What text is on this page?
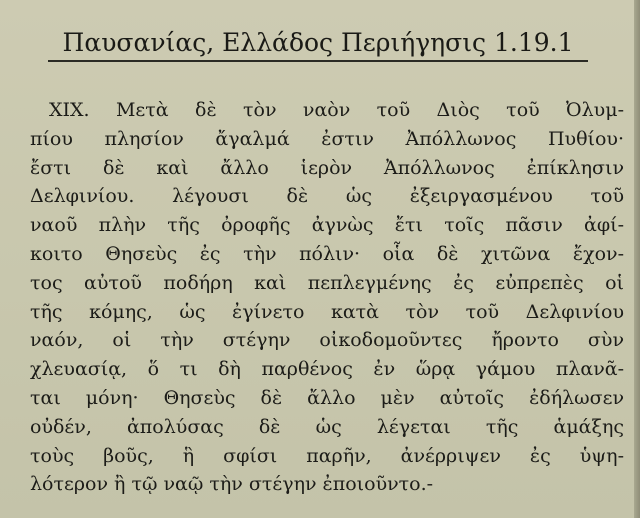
Παυσανίας, Ελλάδος Περιήγησις 1.19.1
XIX. Μετὰ δὲ τὸν ναὸν τοῦ Διὸς τοῦ Ὀλυμ-
πίου πλησίον ἄγαλμά ἐστιν Ἀπόλλωνος Πυθίου·
ἔστι δὲ καὶ ἄλλο ἱερὸν Ἀπόλλωνος ἐπίκλησιν
Δελφινίου. λέγουσι δὲ ὡς ἐξειργασμένου τοῦ
ναοῦ πλὴν τῆς ὀροφῆς ἀγνὼς ἔτι τοῖς πᾶσιν ἀφί-
κοιτο Θησεὺς ἐς τὴν πόλιν· οἷα δὲ χιτῶνα ἔχον-
τος αὐτοῦ ποδήρη καὶ πεπλεγμένης ἐς εὐπρεπὲς οἱ
τῆς κόμης, ὡς ἐγίνετο κατὰ τὸν τοῦ Δελφινίου
ναόν, οἱ τὴν στέγην οἰκοδομοῦντες ἤροντο σὺν
χλευασίᾳ, ὅ τι δὴ παρθένος ἐν ὥρᾳ γάμου πλανᾶ-
ται μόνη· Θησεὺς δὲ ἄλλο μὲν αὐτοῖς ἐδήλωσεν
οὐδέν, ἀπολύσας δὲ ὡς λέγεται τῆς ἁμάξης
τοὺς βοῦς, ἣ σφίσι παρῆν, ἀνέρριψεν ἐς ὑψη-
λότερον ἢ τῷ ναῷ τὴν στέγην ἐποιοῦντο.-
